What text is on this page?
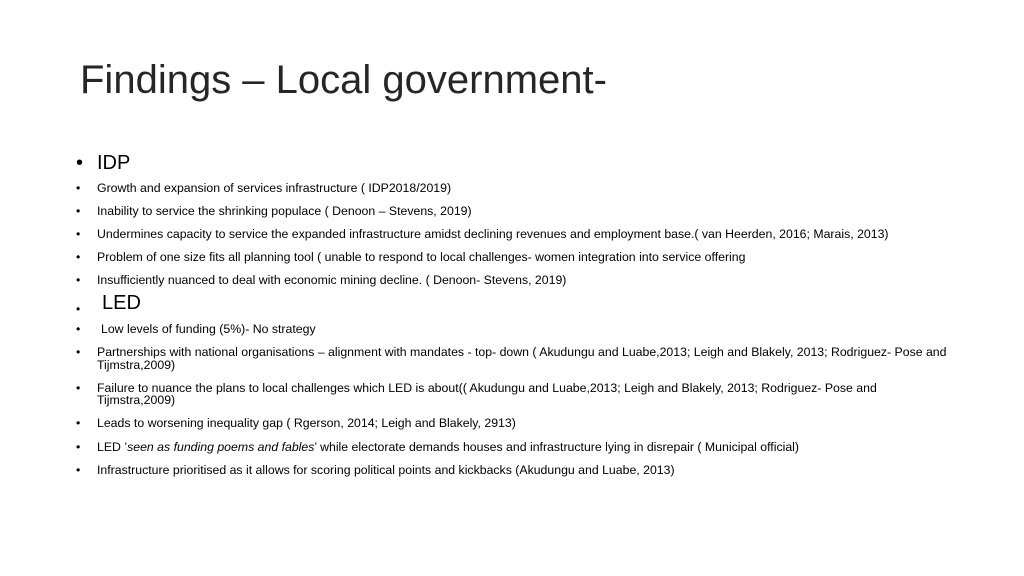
Findings – Local government-
• IDP
•	Growth and expansion of services infrastructure ( IDP2018/2019)
•	Inability to service the shrinking populace ( Denoon – Stevens, 2019)
•	Undermines capacity to service the expanded infrastructure amidst declining revenues and employment base.( van Heerden, 2016; Marais, 2013)
•	Problem of one size fits all planning tool ( unable to respond to local challenges- women integration into service offering
•	Insufficiently nuanced to deal with economic mining decline. ( Denoon- Stevens, 2019)
•	LED
•	Low levels of funding (5%)- No strategy
•	Partnerships with national organisations – alignment with mandates - top- down ( Akudungu and Luabe,2013; Leigh and Blakely, 2013; Rodriguez- Pose and Tijmstra,2009)
•	Failure to nuance the plans to local challenges which LED is about(( Akudungu and Luabe,2013; Leigh and Blakely, 2013; Rodriguez- Pose and Tijmstra,2009)
•	Leads to worsening inequality gap ( Rgerson, 2014; Leigh and Blakely, 2913)
•	LED ’seen as funding poems and fables’ while electorate demands houses and infrastructure lying in disrepair ( Municipal official)
•	Infrastructure prioritised as it allows for scoring political points and kickbacks (Akudungu and Luabe, 2013)
